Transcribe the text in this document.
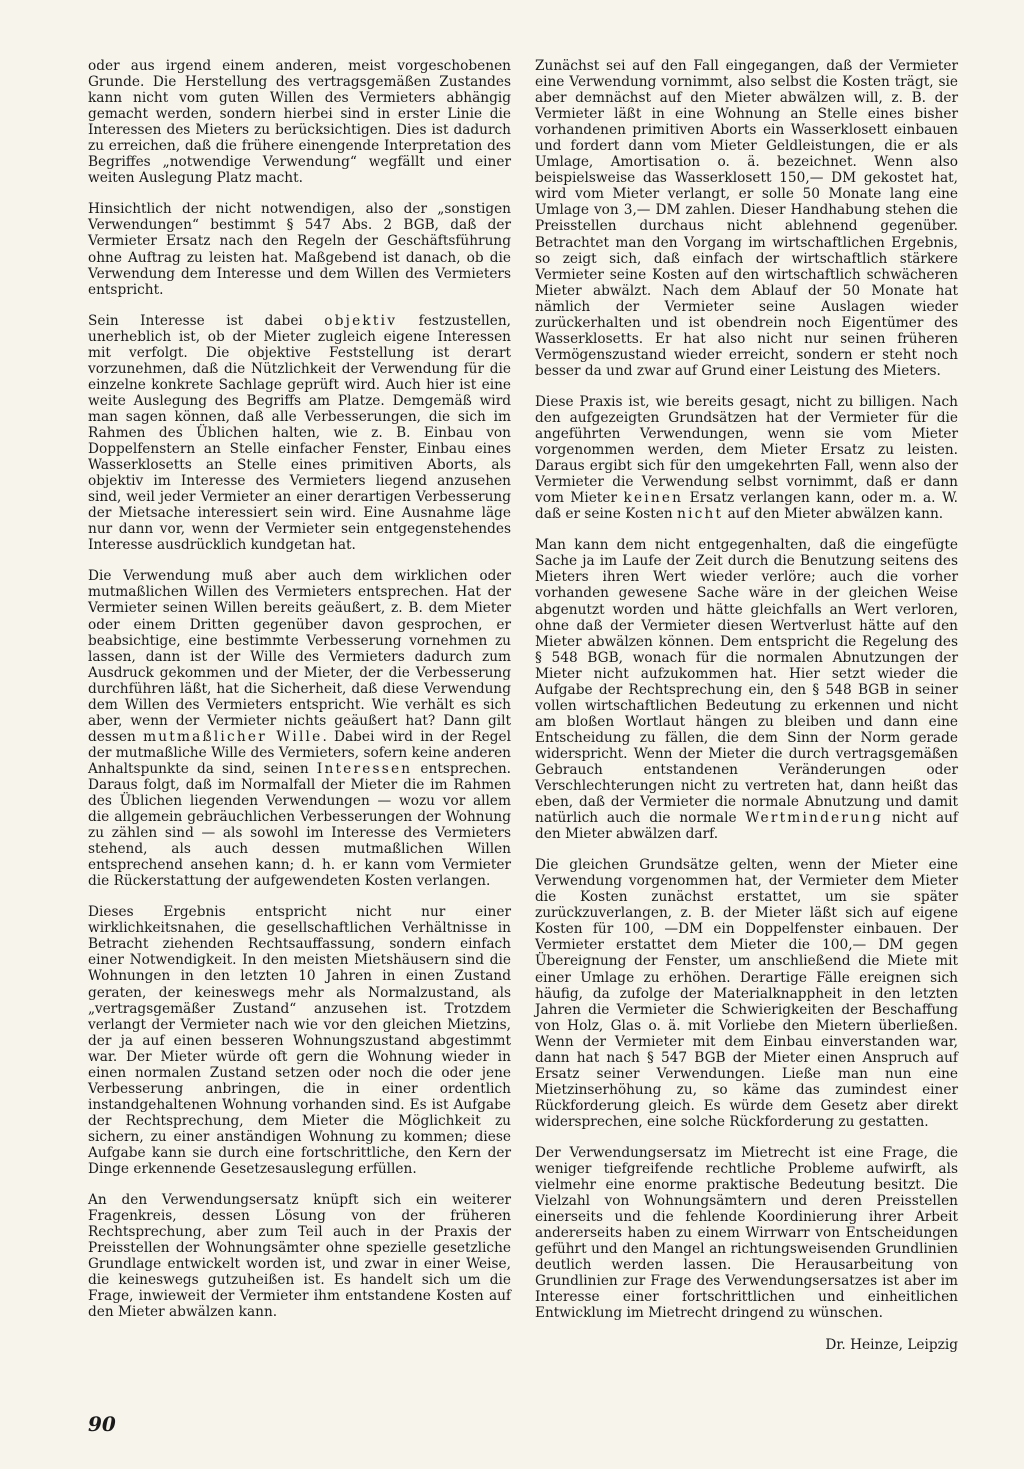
oder aus irgend einem anderen, meist vorgeschobenen Grunde. Die Herstellung des vertragsgemäßen Zustandes kann nicht vom guten Willen des Vermieters abhängig gemacht werden, sondern hierbei sind in erster Linie die Interessen des Mieters zu berücksichtigen. Dies ist dadurch zu erreichen, daß die frühere einengende Interpretation des Begriffes „notwendige Verwendung“ wegfällt und einer weiten Auslegung Platz macht.

Hinsichtlich der nicht notwendigen, also der „sonstigen Verwendungen“ bestimmt § 547 Abs. 2 BGB, daß der Vermieter Ersatz nach den Regeln der Geschäftsführung ohne Auftrag zu leisten hat. Maßgebend ist danach, ob die Verwendung dem Interesse und dem Willen des Vermieters entspricht.

Sein Interesse ist dabei objektiv festzustellen, unerheblich ist, ob der Mieter zugleich eigene Interessen mit verfolgt. Die objektive Feststellung ist derart vorzunehmen, daß die Nützlichkeit der Verwendung für die einzelne konkrete Sachlage geprüft wird. Auch hier ist eine weite Auslegung des Begriffs am Platze. Demgemäß wird man sagen können, daß alle Verbesserungen, die sich im Rahmen des Üblichen halten, wie z. B. Einbau von Doppelfenstern an Stelle einfacher Fenster, Einbau eines Wasserklosetts an Stelle eines primitiven Aborts, als objektiv im Interesse des Vermieters liegend anzusehen sind, weil jeder Vermieter an einer derartigen Verbesserung der Mietsache interessiert sein wird. Eine Ausnahme läge nur dann vor, wenn der Vermieter sein entgegenstehendes Interesse ausdrücklich kundgetan hat.

Die Verwendung muß aber auch dem wirklichen oder mutmaßlichen Willen des Vermieters entsprechen. Hat der Vermieter seinen Willen bereits geäußert, z. B. dem Mieter oder einem Dritten gegenüber davon gesprochen, er beabsichtige, eine bestimmte Verbesserung vornehmen zu lassen, dann ist der Wille des Vermieters dadurch zum Ausdruck gekommen und der Mieter, der die Verbesserung durchführen läßt, hat die Sicherheit, daß diese Verwendung dem Willen des Vermieters entspricht. Wie verhält es sich aber, wenn der Vermieter nichts geäußert hat? Dann gilt dessen mutmaßlicher Wille. Dabei wird in der Regel der mutmaßliche Wille des Vermieters, sofern keine anderen Anhaltspunkte da sind, seinen Interessen entsprechen. Daraus folgt, daß im Normalfall der Mieter die im Rahmen des Üblichen liegenden Verwendungen — wozu vor allem die allgemein gebräuchlichen Verbesserungen der Wohnung zu zählen sind — als sowohl im Interesse des Vermieters stehend, als auch dessen mutmaßlichen Willen entsprechend ansehen kann; d. h. er kann vom Vermieter die Rückerstattung der aufgewendeten Kosten verlangen.

Dieses Ergebnis entspricht nicht nur einer wirklichkeitsnahen, die gesellschaftlichen Verhältnisse in Betracht ziehenden Rechtsauffassung, sondern einfach einer Notwendigkeit. In den meisten Mietshäusern sind die Wohnungen in den letzten 10 Jahren in einen Zustand geraten, der keineswegs mehr als Normalzustand, als „vertragsgemäßer Zustand“ anzusehen ist. Trotzdem verlangt der Vermieter nach wie vor den gleichen Mietzins, der ja auf einen besseren Wohnungszustand abgestimmt war. Der Mieter würde oft gern die Wohnung wieder in einen normalen Zustand setzen oder noch die oder jene Verbesserung anbringen, die in einer ordentlich instandgehaltenen Wohnung vorhanden sind. Es ist Aufgabe der Rechtsprechung, dem Mieter die Möglichkeit zu sichern, zu einer anständigen Wohnung zu kommen; diese Aufgabe kann sie durch eine fortschrittliche, den Kern der Dinge erkennende Gesetzesauslegung erfüllen.

An den Verwendungsersatz knüpft sich ein weiterer Fragenkreis, dessen Lösung von der früheren Rechtsprechung, aber zum Teil auch in der Praxis der Preisstellen der Wohnungsämter ohne spezielle gesetzliche Grundlage entwickelt worden ist, und zwar in einer Weise, die keineswegs gutzuheißen ist. Es handelt sich um die Frage, inwieweit der Vermieter ihm entstandene Kosten auf den Mieter abwälzen kann.

Zunächst sei auf den Fall eingegangen, daß der Vermieter eine Verwendung vornimmt, also selbst die Kosten trägt, sie aber demnächst auf den Mieter abwälzen will, z. B. der Vermieter läßt in eine Wohnung an Stelle eines bisher vorhandenen primitiven Aborts ein Wasserklosett einbauen und fordert dann vom Mieter Geldleistungen, die er als Umlage, Amortisation o. ä. bezeichnet. Wenn also beispielsweise das Wasserklosett 150,— DM gekostet hat, wird vom Mieter verlangt, er solle 50 Monate lang eine Umlage von 3,— DM zahlen. Dieser Handhabung stehen die Preisstellen durchaus nicht ablehnend gegenüber. Betrachtet man den Vorgang im wirtschaftlichen Ergebnis, so zeigt sich, daß einfach der wirtschaftlich stärkere Vermieter seine Kosten auf den wirtschaftlich schwächeren Mieter abwälzt. Nach dem Ablauf der 50 Monate hat nämlich der Vermieter seine Auslagen wieder zurückerhalten und ist obendrein noch Eigentümer des Wasserklosetts. Er hat also nicht nur seinen früheren Vermögenszustand wieder erreicht, sondern er steht noch besser da und zwar auf Grund einer Leistung des Mieters.

Diese Praxis ist, wie bereits gesagt, nicht zu billigen. Nach den aufgezeigten Grundsätzen hat der Vermieter für die angeführten Verwendungen, wenn sie vom Mieter vorgenommen werden, dem Mieter Ersatz zu leisten. Daraus ergibt sich für den umgekehrten Fall, wenn also der Vermieter die Verwendung selbst vornimmt, daß er dann vom Mieter keinen Ersatz verlangen kann, oder m. a. W. daß er seine Kosten nicht auf den Mieter abwälzen kann.

Man kann dem nicht entgegenhalten, daß die eingefügte Sache ja im Laufe der Zeit durch die Benutzung seitens des Mieters ihren Wert wieder verlöre; auch die vorher vorhanden gewesene Sache wäre in der gleichen Weise abgenutzt worden und hätte gleichfalls an Wert verloren, ohne daß der Vermieter diesen Wertverlust hätte auf den Mieter abwälzen können. Dem entspricht die Regelung des § 548 BGB, wonach für die normalen Abnutzungen der Mieter nicht aufzukommen hat. Hier setzt wieder die Aufgabe der Rechtsprechung ein, den § 548 BGB in seiner vollen wirtschaftlichen Bedeutung zu erkennen und nicht am bloßen Wortlaut hängen zu bleiben und dann eine Entscheidung zu fällen, die dem Sinn der Norm gerade widerspricht. Wenn der Mieter die durch vertragsgemäßen Gebrauch entstandenen Veränderungen oder Verschlechterungen nicht zu vertreten hat, dann heißt das eben, daß der Vermieter die normale Abnutzung und damit natürlich auch die normale Wertminderung nicht auf den Mieter abwälzen darf.

Die gleichen Grundsätze gelten, wenn der Mieter eine Verwendung vorgenommen hat, der Vermieter dem Mieter die Kosten zunächst erstattet, um sie später zurückzuverlangen, z. B. der Mieter läßt sich auf eigene Kosten für 100, —DM ein Doppelfenster einbauen. Der Vermieter erstattet dem Mieter die 100,— DM gegen Übereignung der Fenster, um anschließend die Miete mit einer Umlage zu erhöhen. Derartige Fälle ereignen sich häufig, da zufolge der Materialknappheit in den letzten Jahren die Vermieter die Schwierigkeiten der Beschaffung von Holz, Glas o. ä. mit Vorliebe den Mietern überließen. Wenn der Vermieter mit dem Einbau einverstanden war, dann hat nach § 547 BGB der Mieter einen Anspruch auf Ersatz seiner Verwendungen. Ließe man nun eine Mietzinserhöhung zu, so käme das zumindest einer Rückforderung gleich. Es würde dem Gesetz aber direkt widersprechen, eine solche Rückforderung zu gestatten.

Der Verwendungsersatz im Mietrecht ist eine Frage, die weniger tiefgreifende rechtliche Probleme aufwirft, als vielmehr eine enorme praktische Bedeutung besitzt. Die Vielzahl von Wohnungsämtern und deren Preisstellen einerseits und die fehlende Koordinierung ihrer Arbeit andererseits haben zu einem Wirrwarr von Entscheidungen geführt und den Mangel an richtungsweisenden Grundlinien deutlich werden lassen. Die Herausarbeitung von Grundlinien zur Frage des Verwendungsersatzes ist aber im Interesse einer fortschrittlichen und einheitlichen Entwicklung im Mietrecht dringend zu wünschen.

Dr. Heinze, Leipzig

90
